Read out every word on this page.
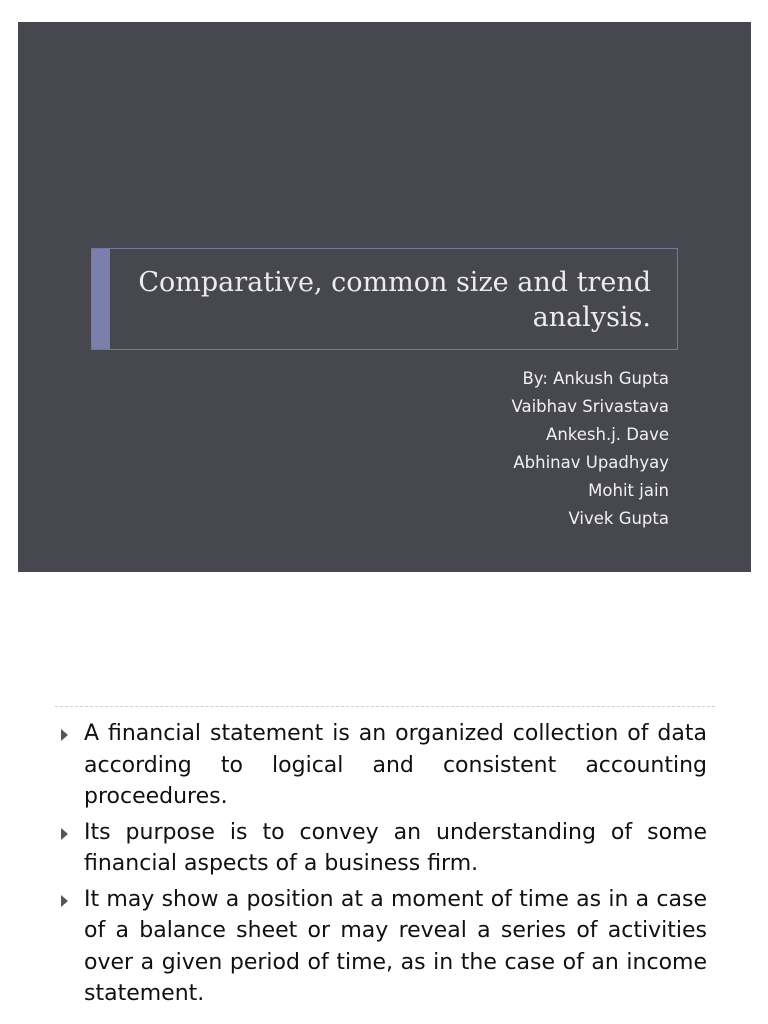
Comparative, common size and trend analysis.
By: Ankush Gupta
Vaibhav Srivastava
Ankesh.j. Dave
Abhinav Upadhyay
Mohit jain
Vivek Gupta
A financial statement is an organized collection of data according to logical and consistent accounting proceedures.
Its purpose is to convey an understanding of some financial aspects of a business firm.
It may show a position at a moment of time as in a case of a balance sheet or may reveal a series of activities over a given period of time, as in the case of an income statement.
